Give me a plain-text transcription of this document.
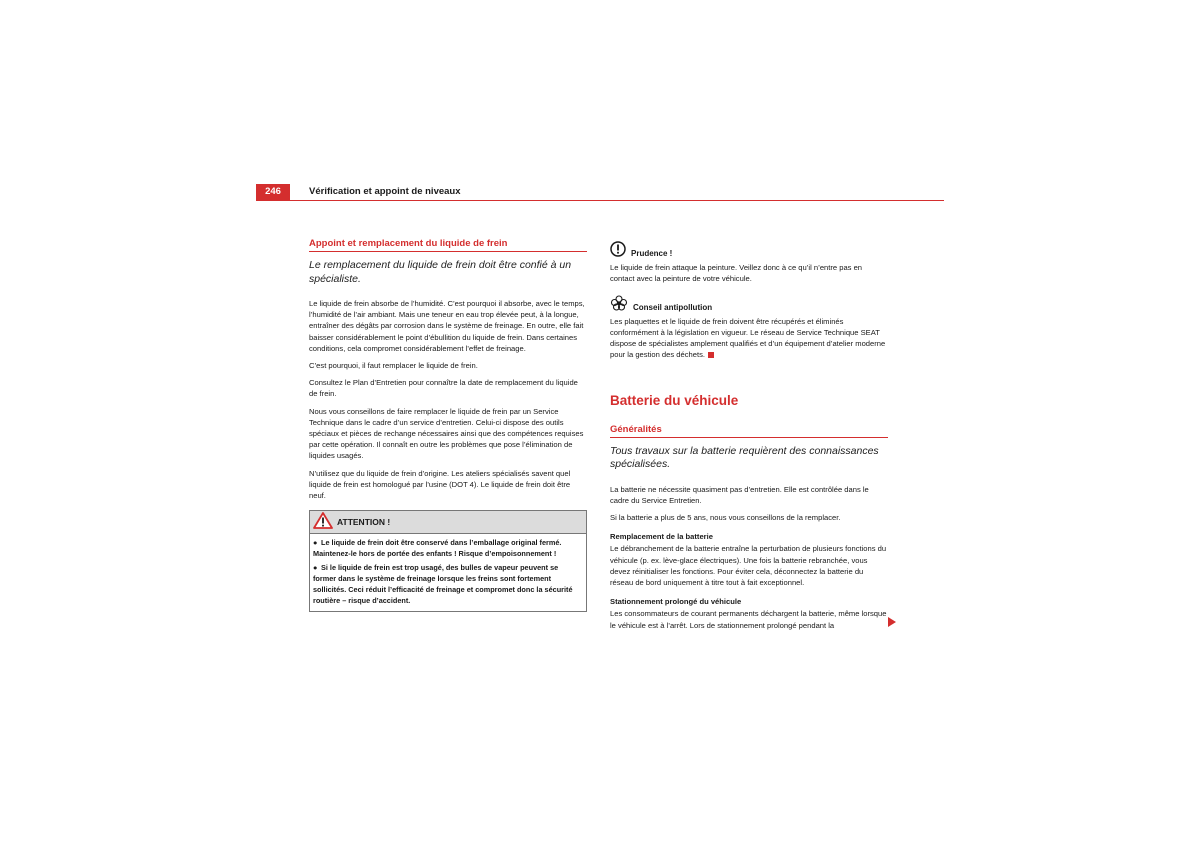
246	Vérification et appoint de niveaux
Appoint et remplacement du liquide de frein
Le remplacement du liquide de frein doit être confié à un spécialiste.

Le liquide de frein absorbe de l’humidité. C’est pourquoi il absorbe, avec le temps, l’humidité de l’air ambiant. Mais une teneur en eau trop élevée peut, à la longue, entraîner des dégâts par corrosion dans le système de freinage. En outre, elle fait baisser considérablement le point d’ébullition du liquide de frein. Dans certaines conditions, cela compromet considérablement l’effet de freinage.

C’est pourquoi, il faut remplacer le liquide de frein.

Consultez le Plan d’Entretien pour connaître la date de remplacement du liquide de frein.

Nous vous conseillons de faire remplacer le liquide de frein par un Service Technique dans le cadre d’un service d’entretien. Celui-ci dispose des outils spéciaux et pièces de rechange nécessaires ainsi que des compétences requises par cette opération. Il connaît en outre les problèmes que pose l’élimination de liquides usagés.

N’utilisez que du liquide de frein d’origine. Les ateliers spécialisés savent quel liquide de frein est homologué par l’usine (DOT 4). Le liquide de frein doit être neuf.

ATTENTION !

● Le liquide de frein doit être conservé dans l’emballage original fermé. Maintenez-le hors de portée des enfants ! Risque d’empoisonnement !

● Si le liquide de frein est trop usagé, des bulles de vapeur peuvent se former dans le système de freinage lorsque les freins sont fortement sollicités. Ceci réduit l’efficacité de freinage et compromet donc la sécurité routière – risque d’accident.

Prudence !

Le liquide de frein attaque la peinture. Veillez donc à ce qu’il n’entre pas en contact avec la peinture de votre véhicule.

Conseil antipollution

Les plaquettes et le liquide de frein doivent être récupérés et éliminés conformément à la législation en vigueur. Le réseau de Service Technique SEAT dispose de spécialistes amplement qualifiés et d’un équipement d’atelier moderne pour la gestion des déchets.

Batterie du véhicule
Généralités
Tous travaux sur la batterie requièrent des connaissances spécialisées.

La batterie ne nécessite quasiment pas d’entretien. Elle est contrôlée dans le cadre du Service Entretien.

Si la batterie a plus de 5 ans, nous vous conseillons de la remplacer.

Remplacement de la batterie

Le débranchement de la batterie entraîne la perturbation de plusieurs fonctions du véhicule (p. ex. lève-glace électriques). Une fois la batterie rebranchée, vous devez réinitialiser les fonctions. Pour éviter cela, déconnectez la batterie du réseau de bord uniquement à titre tout à fait exceptionnel.

Stationnement prolongé du véhicule

Les consommateurs de courant permanents déchargent la batterie, même lorsque le véhicule est à l’arrêt. Lors de stationnement prolongé pendant la
